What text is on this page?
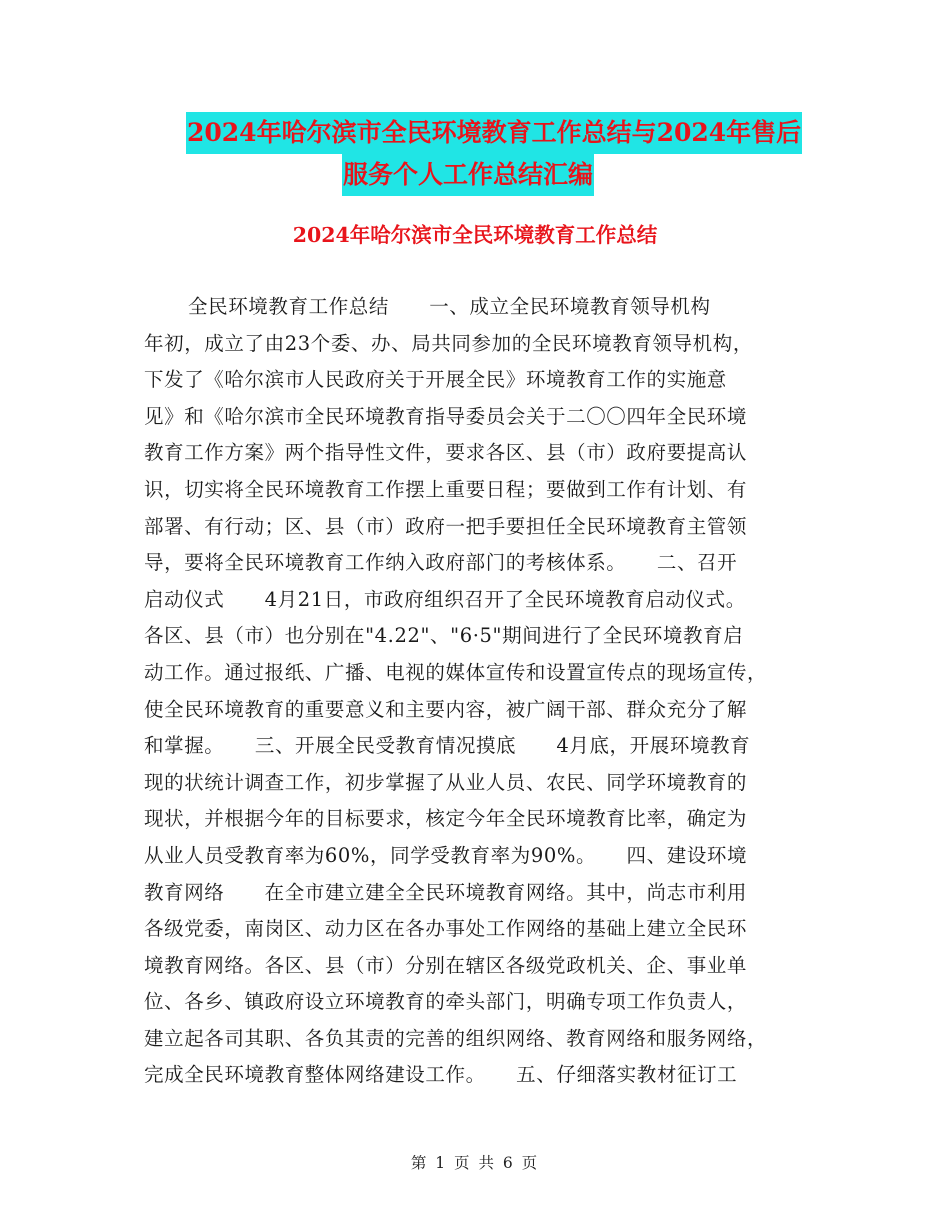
2024年哈尔滨市全民环境教育工作总结与2024年售后
服务个人工作总结汇编
2024年哈尔滨市全民环境教育工作总结
全民环境教育工作总结　　一、成立全民环境教育领导机构
年初，成立了由23个委、办、局共同参加的全民环境教育领导机构，
下发了《哈尔滨市人民政府关于开展全民》环境教育工作的实施意
见》和《哈尔滨市全民环境教育指导委员会关于二〇〇四年全民环境
教育工作方案》两个指导性文件，要求各区、县（市）政府要提高认
识，切实将全民环境教育工作摆上重要日程；要做到工作有计划、有
部署、有行动；区、县（市）政府一把手要担任全民环境教育主管领
导，要将全民环境教育工作纳入政府部门的考核体系。　　二、召开
启动仪式　　4月21日，市政府组织召开了全民环境教育启动仪式。
各区、县（市）也分别在"4.22"、"6·5"期间进行了全民环境教育启
动工作。通过报纸、广播、电视的媒体宣传和设置宣传点的现场宣传，
使全民环境教育的重要意义和主要内容，被广阔干部、群众充分了解
和掌握。　　三、开展全民受教育情况摸底　　4月底，开展环境教育
现的状统计调查工作，初步掌握了从业人员、农民、同学环境教育的
现状，并根据今年的目标要求，核定今年全民环境教育比率，确定为
从业人员受教育率为60%，同学受教育率为90%。　　四、建设环境
教育网络　　在全市建立建全全民环境教育网络。其中，尚志市利用
各级党委，南岗区、动力区在各办事处工作网络的基础上建立全民环
境教育网络。各区、县（市）分别在辖区各级党政机关、企、事业单
位、各乡、镇政府设立环境教育的牵头部门，明确专项工作负责人，
建立起各司其职、各负其责的完善的组织网络、教育网络和服务网络，
完成全民环境教育整体网络建设工作。　　五、仔细落实教材征订工
第 1 页 共 6 页
